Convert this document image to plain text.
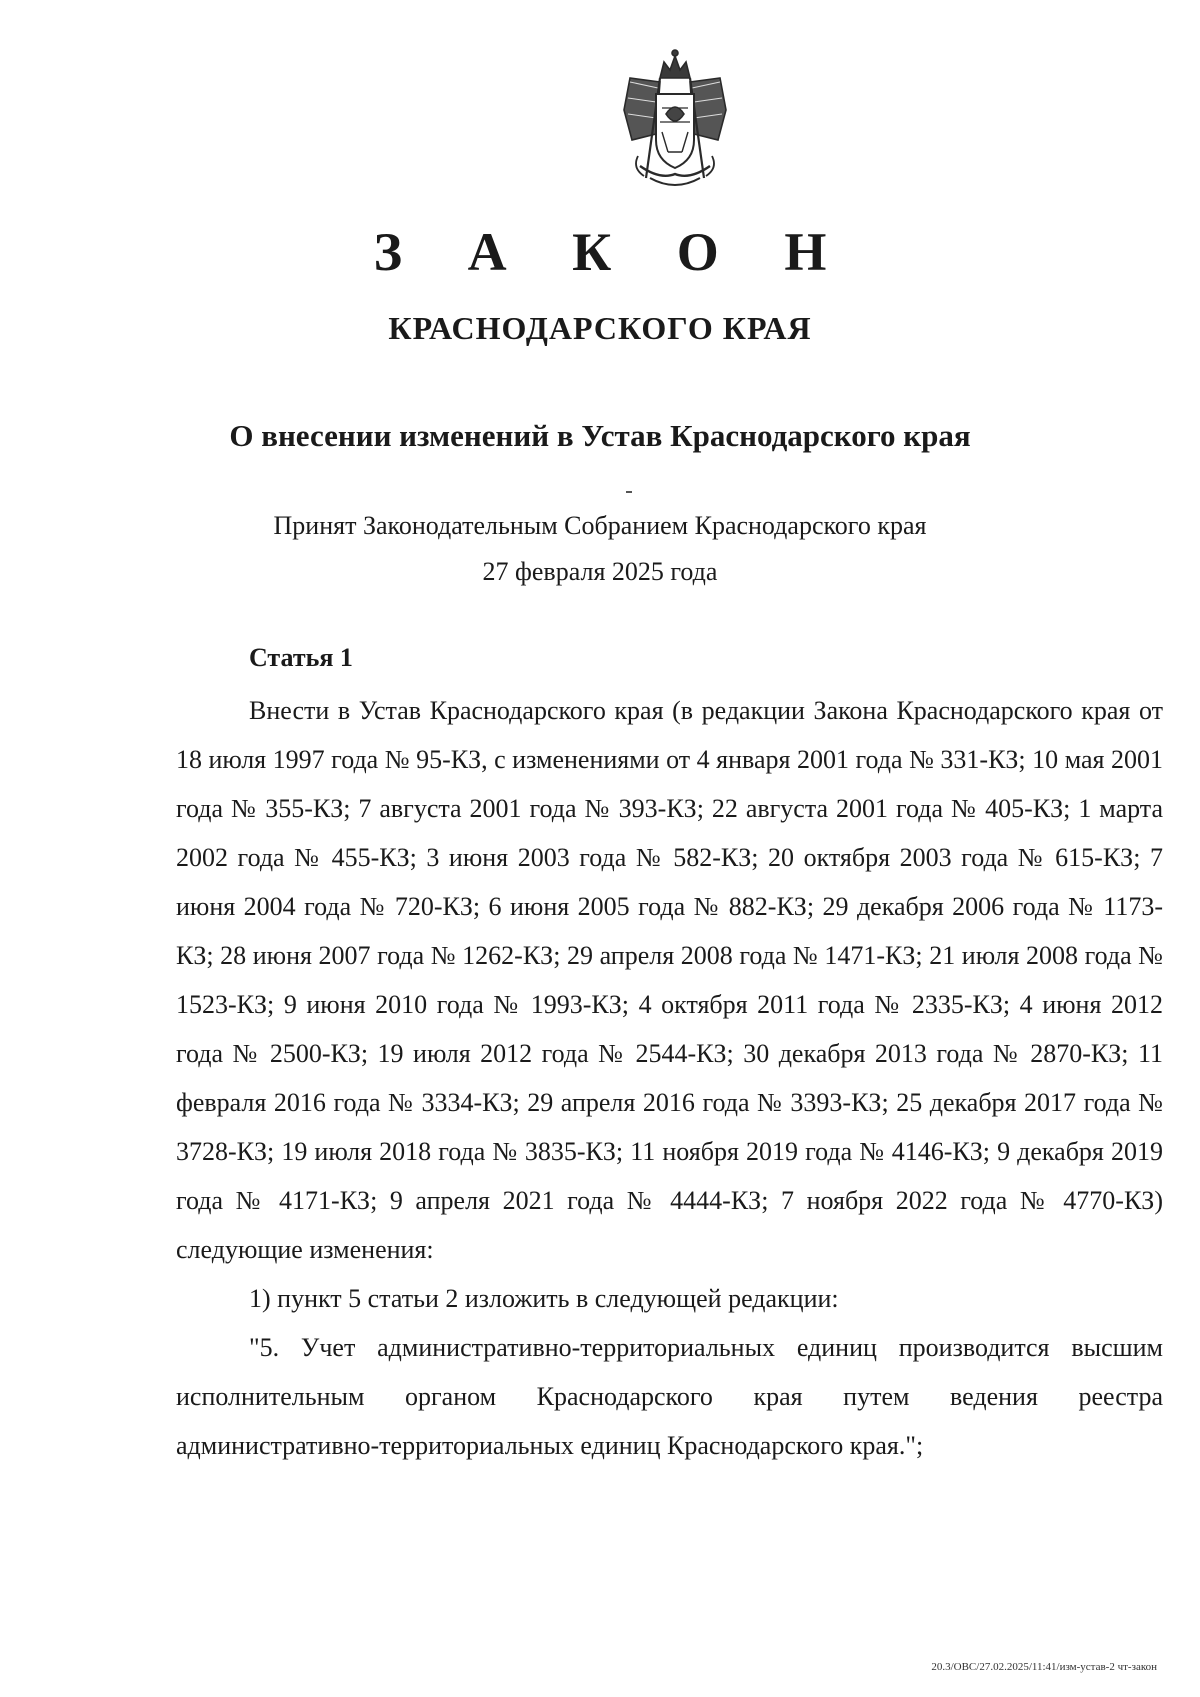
З А К О Н
КРАСНОДАРСКОГО КРАЯ
О внесении изменений в Устав Краснодарского края
Принят Законодательным Собранием Краснодарского края
27 февраля 2025 года
Статья 1

Внести в Устав Краснодарского края (в редакции Закона Краснодарского края от 18 июля 1997 года № 95-КЗ, с изменениями от 4 января 2001 года № 331-КЗ; 10 мая 2001 года № 355-КЗ; 7 августа 2001 года № 393-КЗ; 22 августа 2001 года № 405-КЗ; 1 марта 2002 года № 455-КЗ; 3 июня 2003 года № 582-КЗ; 20 октября 2003 года № 615-КЗ; 7 июня 2004 года № 720-КЗ; 6 июня 2005 года № 882-КЗ; 29 декабря 2006 года № 1173-КЗ; 28 июня 2007 года № 1262-КЗ; 29 апреля 2008 года № 1471-КЗ; 21 июля 2008 года № 1523-КЗ; 9 июня 2010 года № 1993-КЗ; 4 октября 2011 года № 2335-КЗ; 4 июня 2012 года № 2500-КЗ; 19 июля 2012 года № 2544-КЗ; 30 декабря 2013 года № 2870-КЗ; 11 февраля 2016 года № 3334-КЗ; 29 апреля 2016 года № 3393-КЗ; 25 декабря 2017 года № 3728-КЗ; 19 июля 2018 года № 3835-КЗ; 11 ноября 2019 года № 4146-КЗ; 9 декабря 2019 года № 4171-КЗ; 9 апреля 2021 года № 4444-КЗ; 7 ноября 2022 года № 4770-КЗ) следующие изменения:

1) пункт 5 статьи 2 изложить в следующей редакции:

"5. Учет административно-территориальных единиц производится высшим исполнительным органом Краснодарского края путем ведения реестра административно-территориальных единиц Краснодарского края.";

20.3/ОВС/27.02.2025/11:41/изм-устав-2 чт-закон
